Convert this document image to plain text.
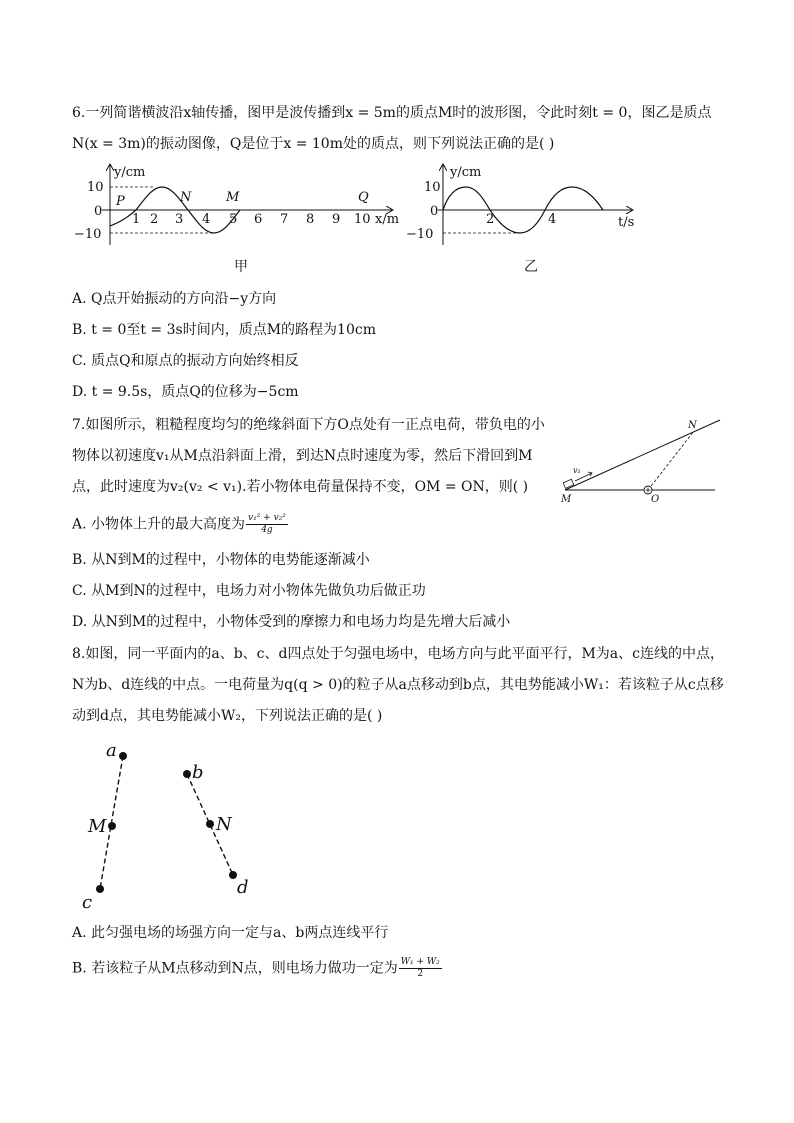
6.一列简谐横波沿x轴传播，图甲是波传播到x = 5m的质点M时的波形图，令此时刻t = 0，图乙是质点
N(x = 3m)的振动图像，Q是位于x = 10m处的质点，则下列说法正确的是( )
y/cm
x/m
10
0
−10
1 2 3 4 5 6 7 8 9 10
P	N	M	Q
甲
y/cm
t/s
10
0
−10
2	4
乙
A. Q点开始振动的方向沿−y方向
B. t = 0至t = 3s时间内，质点M的路程为10cm
C. 质点Q和原点的振动方向始终相反
D. t = 9.5s，质点Q的位移为−5cm
7.如图所示，粗糙程度均匀的绝缘斜面下方O点处有一正点电荷，带负电的小
物体以初速度v₁从M点沿斜面上滑，到达N点时速度为零，然后下滑回到M
点，此时速度为v₂(v₂ < v₁).若小物体电荷量保持不变，OM = ON，则( )
N
M	O
v₁
A. 小物体上升的最大高度为 $\frac{\text{v₁² + v₂²}}{4g}$
B. 从N到M的过程中，小物体的电势能逐渐减小
C. 从M到N的过程中，电场力对小物体先做负功后做正功
D. 从N到M的过程中，小物体受到的摩擦力和电场力均是先增大后减小
8.如图，同一平面内的a、b、c、d四点处于匀强电场中，电场方向与此平面平行，M为a、c连线的中点，
N为b、d连线的中点。一电荷量为q(q > 0)的粒子从a点移动到b点，其电势能减小W₁：若该粒子从c点移
动到d点，其电势能减小W₂，下列说法正确的是( )
a
M
c
b
N
d
A. 此匀强电场的场强方向一定与a、b两点连线平行
B. 若该粒子从M点移动到N点，则电场力做功一定为 $\frac{\text{W₁ + W₂}}{2}$
